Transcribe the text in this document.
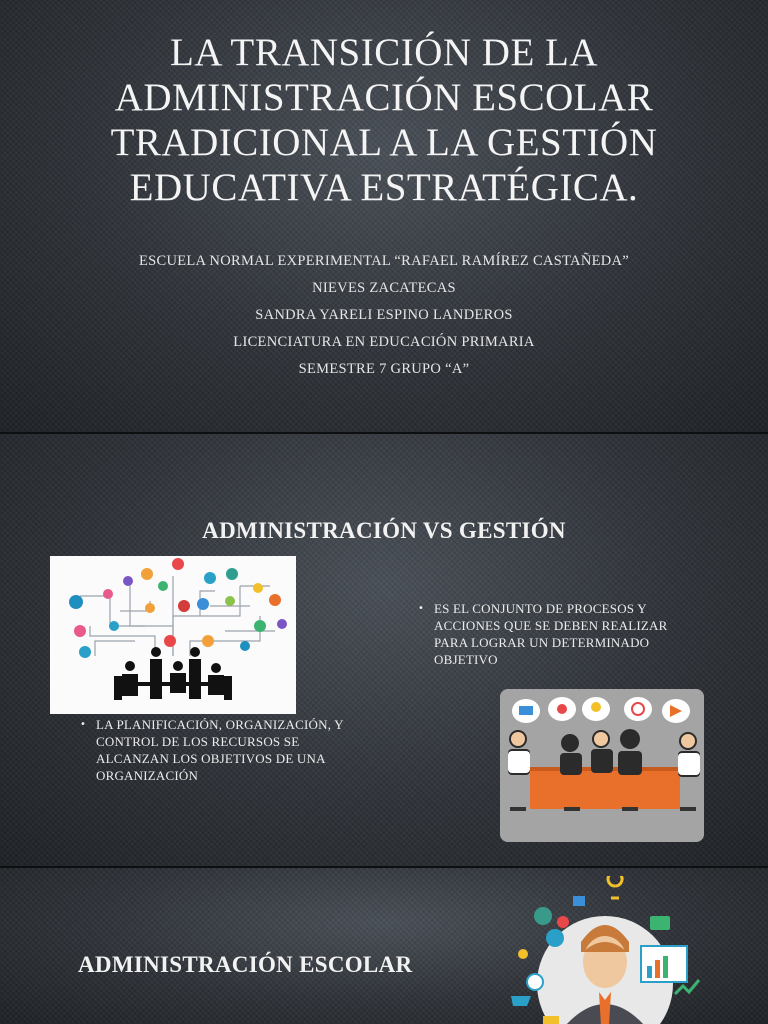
LA TRANSICIÓN DE LA
ADMINISTRACIÓN ESCOLAR
TRADICIONAL A LA GESTIÓN
EDUCATIVA ESTRATÉGICA.
ESCUELA NORMAL EXPERIMENTAL “RAFAEL RAMÍREZ CASTAÑEDA”
NIEVES ZACATECAS
SANDRA YARELI ESPINO LANDEROS
LICENCIATURA EN EDUCACIÓN PRIMARIA
SEMESTRE 7 GRUPO “A”
ADMINISTRACIÓN VS GESTIÓN
• ES EL CONJUNTO DE PROCESOS Y ACCIONES QUE SE DEBEN REALIZAR PARA LOGRAR UN DETERMINADO OBJETIVO
• LA PLANIFICACIÓN, ORGANIZACIÓN, Y CONTROL DE LOS RECURSOS SE ALCANZAN LOS OBJETIVOS DE UNA ORGANIZACIÓN
ADMINISTRACIÓN ESCOLAR
